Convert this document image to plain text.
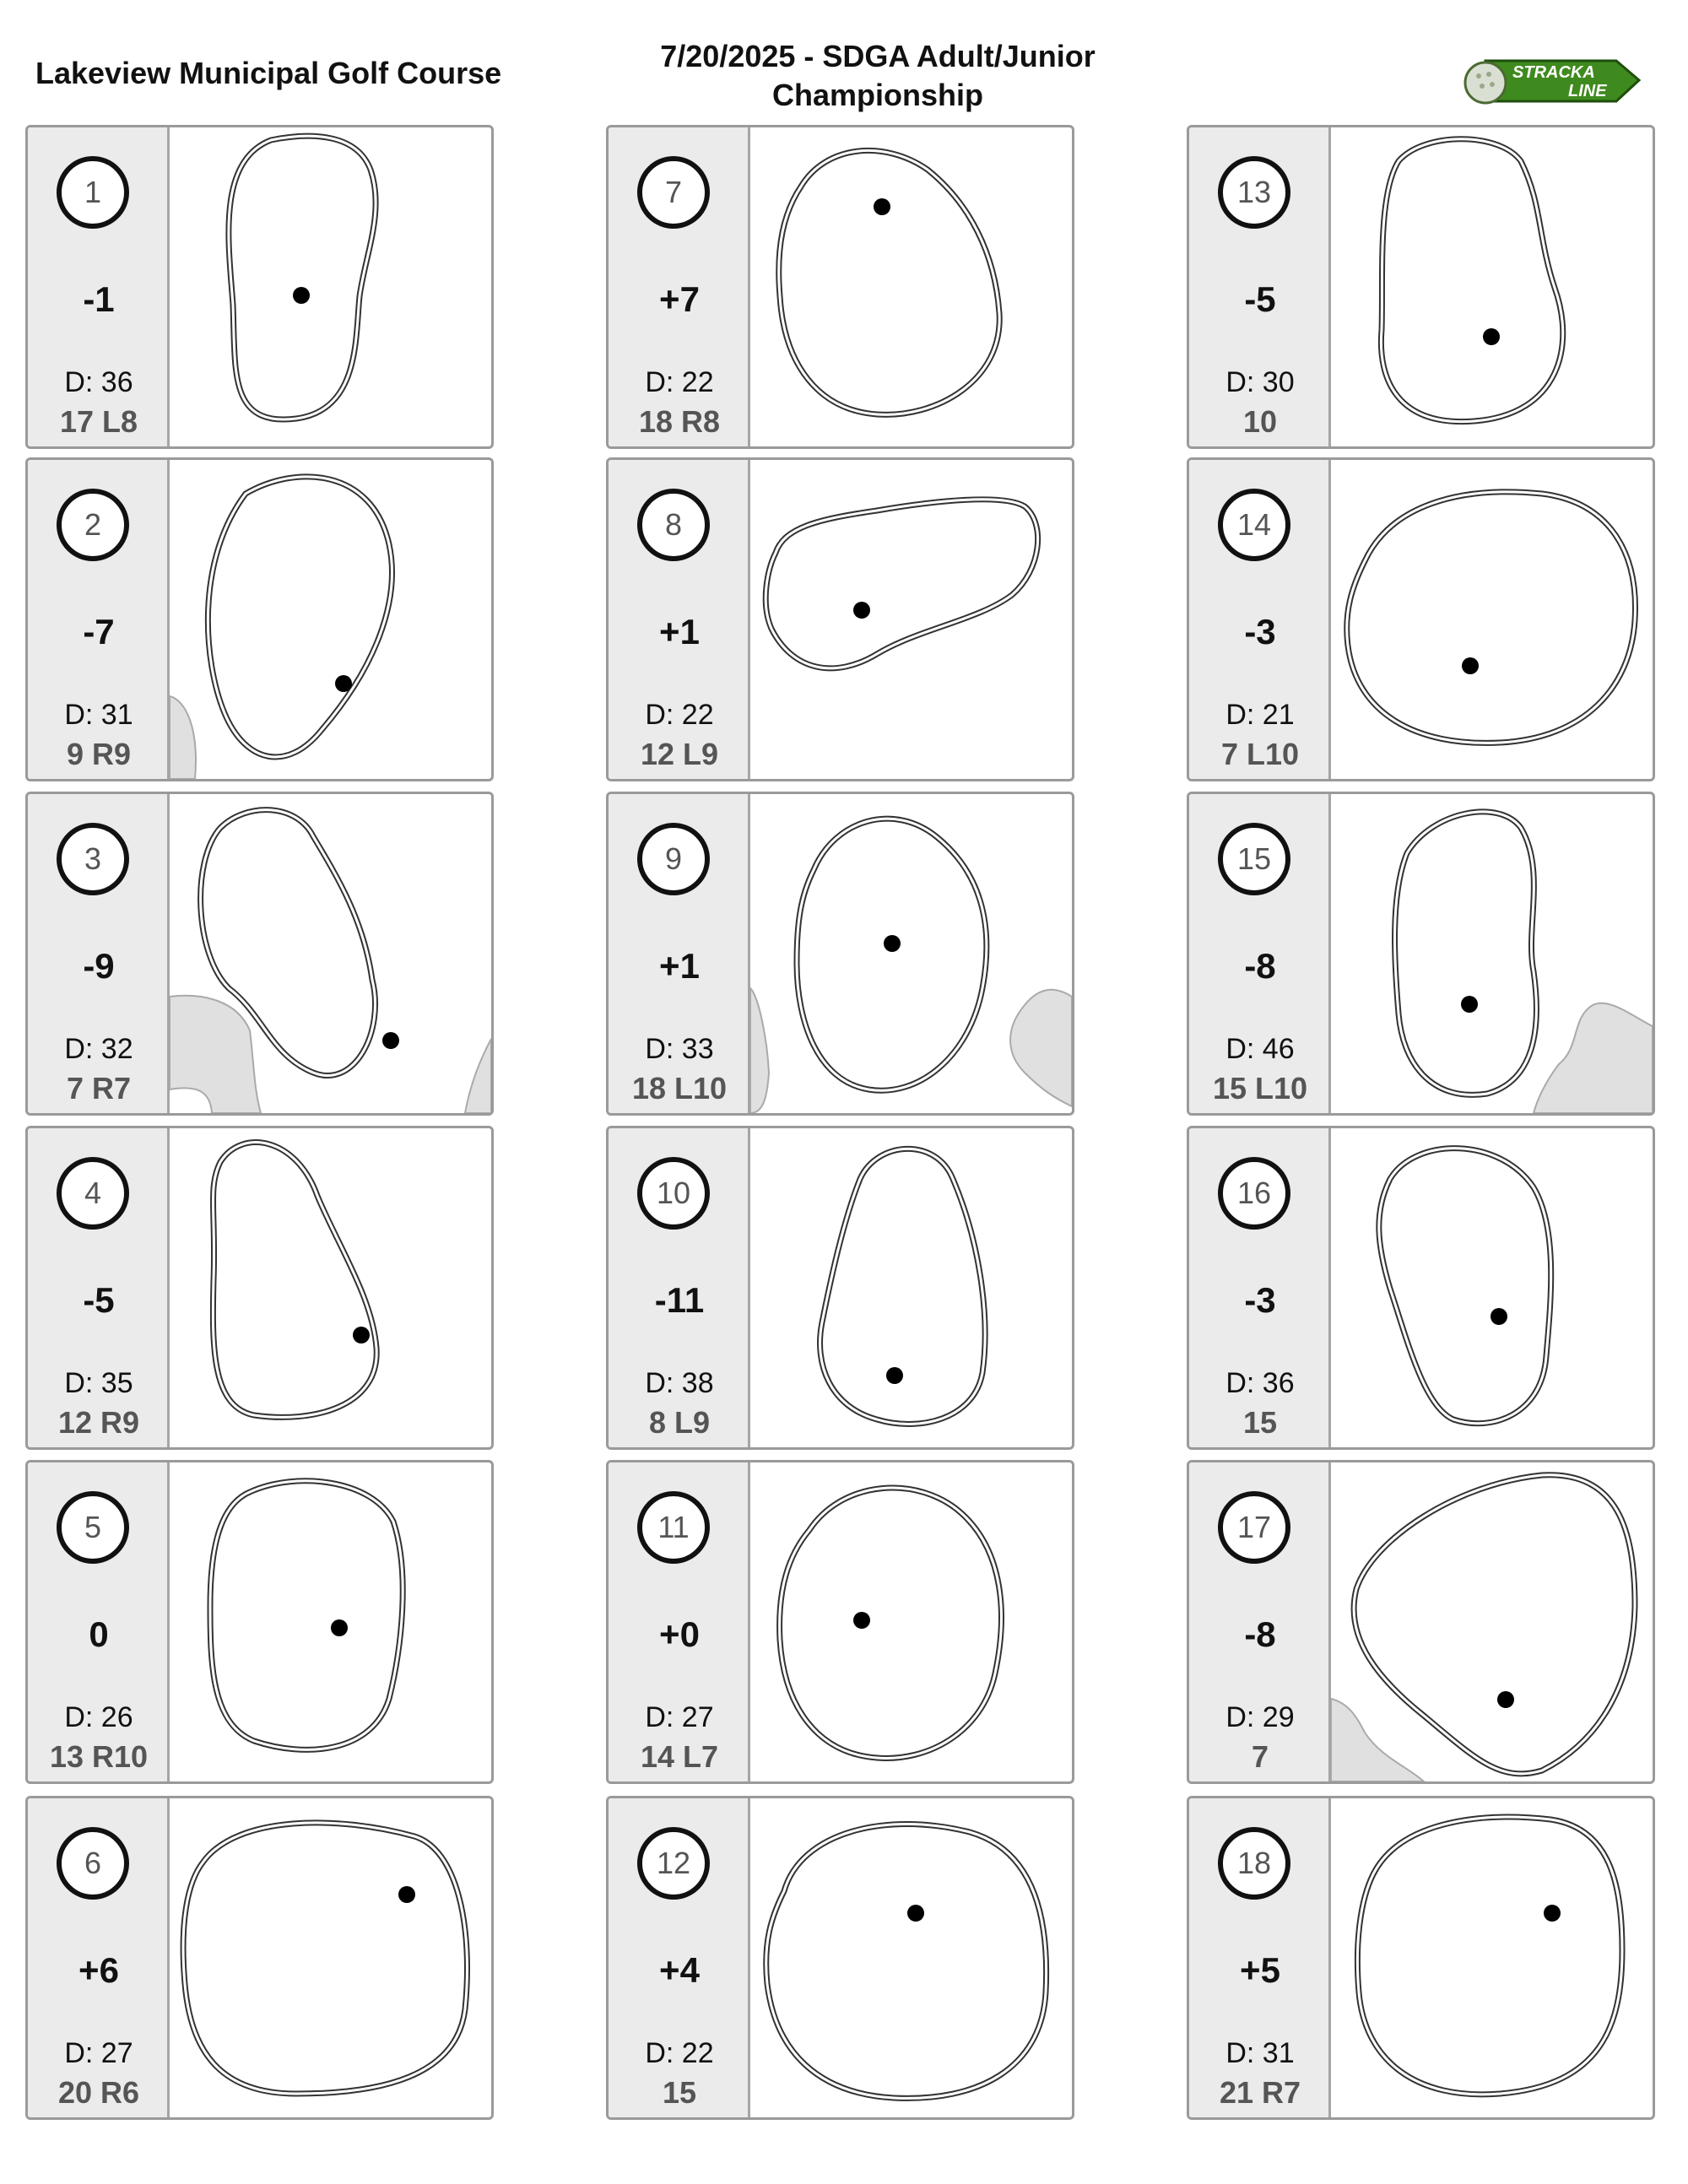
Lakeview Municipal Golf Course	7/20/2025 - SDGA Adult/Junior
Championship
STRACKA
LINE
1
-1
D: 36
17 L8
2
-7
D: 31
9 R9
3
-9
D: 32
7 R7
4
-5
D: 35
12 R9
5
0
D: 26
13 R10
6
+6
D: 27
20 R6
7
+7
D: 22
18 R8
8
+1
D: 22
12 L9
9
+1
D: 33
18 L10
10
-11
D: 38
8 L9
11
+0
D: 27
14 L7
12
+4
D: 22
15
13
-5
D: 30
10
14
-3
D: 21
7 L10
15
-8
D: 46
15 L10
16
-3
D: 36
15
17
-8
D: 29
7
18
+5
D: 31
21 R7
